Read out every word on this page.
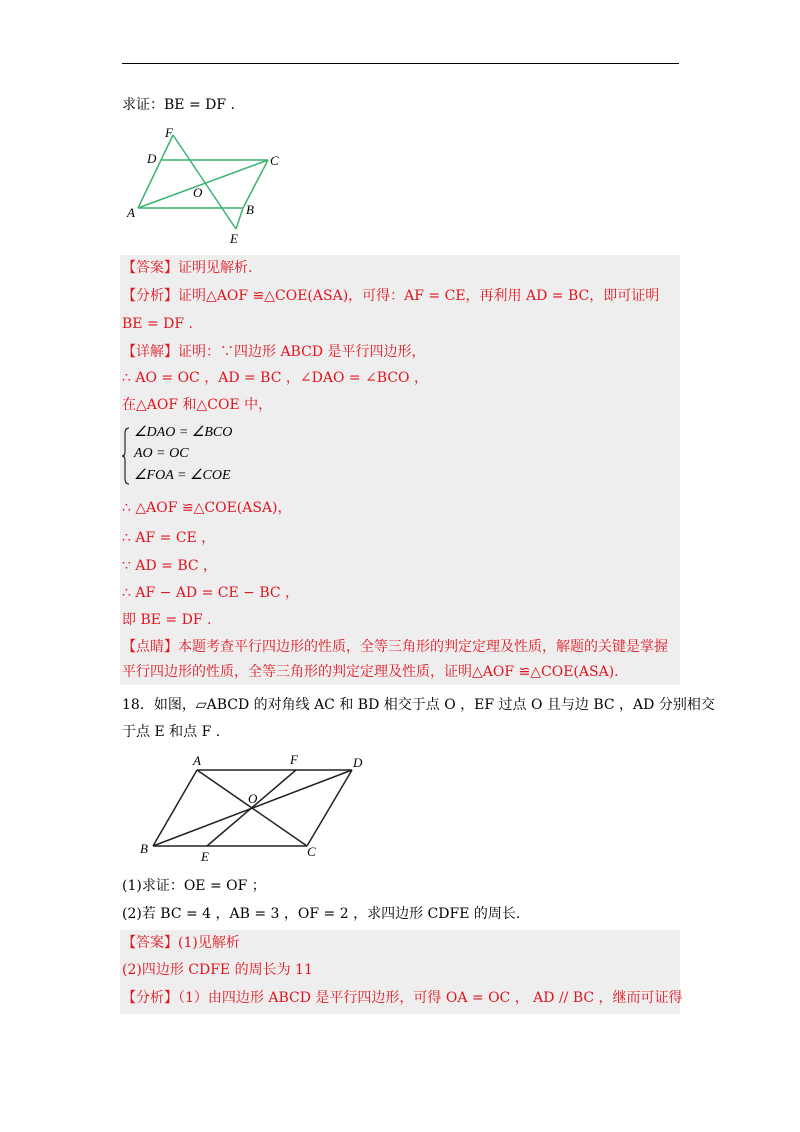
求证：BE = DF .
F
D	C
O
A	B
E
【答案】证明见解析.
【分析】证明△AOF ≌△COE(ASA)，可得：AF = CE，再利用 AD = BC，即可证明
BE = DF .
【详解】证明：∵四边形 ABCD 是平行四边形，
∴ AO = OC ，AD = BC ，∠DAO = ∠BCO ，
在△AOF 和△COE 中，
∠DAO = ∠BCO
AO = OC
∠FOA = ∠COE
∴ △AOF ≌△COE(ASA)，
∴ AF = CE ，
∵ AD = BC ，
∴ AF − AD = CE − BC ，
即 BE = DF .
【点睛】本题考查平行四边形的性质，全等三角形的判定定理及性质，解题的关键是掌握
平行四边形的性质，全等三角形的判定定理及性质，证明△AOF ≌△COE(ASA).
18．如图，▱ABCD 的对角线 AC 和 BD 相交于点 O ，EF 过点 O 且与边 BC ，AD 分别相交
于点 E 和点 F .
A	F	D
O
B
E	C
(1)求证：OE = OF ；
(2)若 BC = 4 ，AB = 3 ，OF = 2 ，求四边形 CDFE 的周长.
【答案】(1)见解析
(2)四边形 CDFE 的周长为 11
【分析】（1）由四边形 ABCD 是平行四边形，可得 OA = OC ， AD // BC ，继而可证得
